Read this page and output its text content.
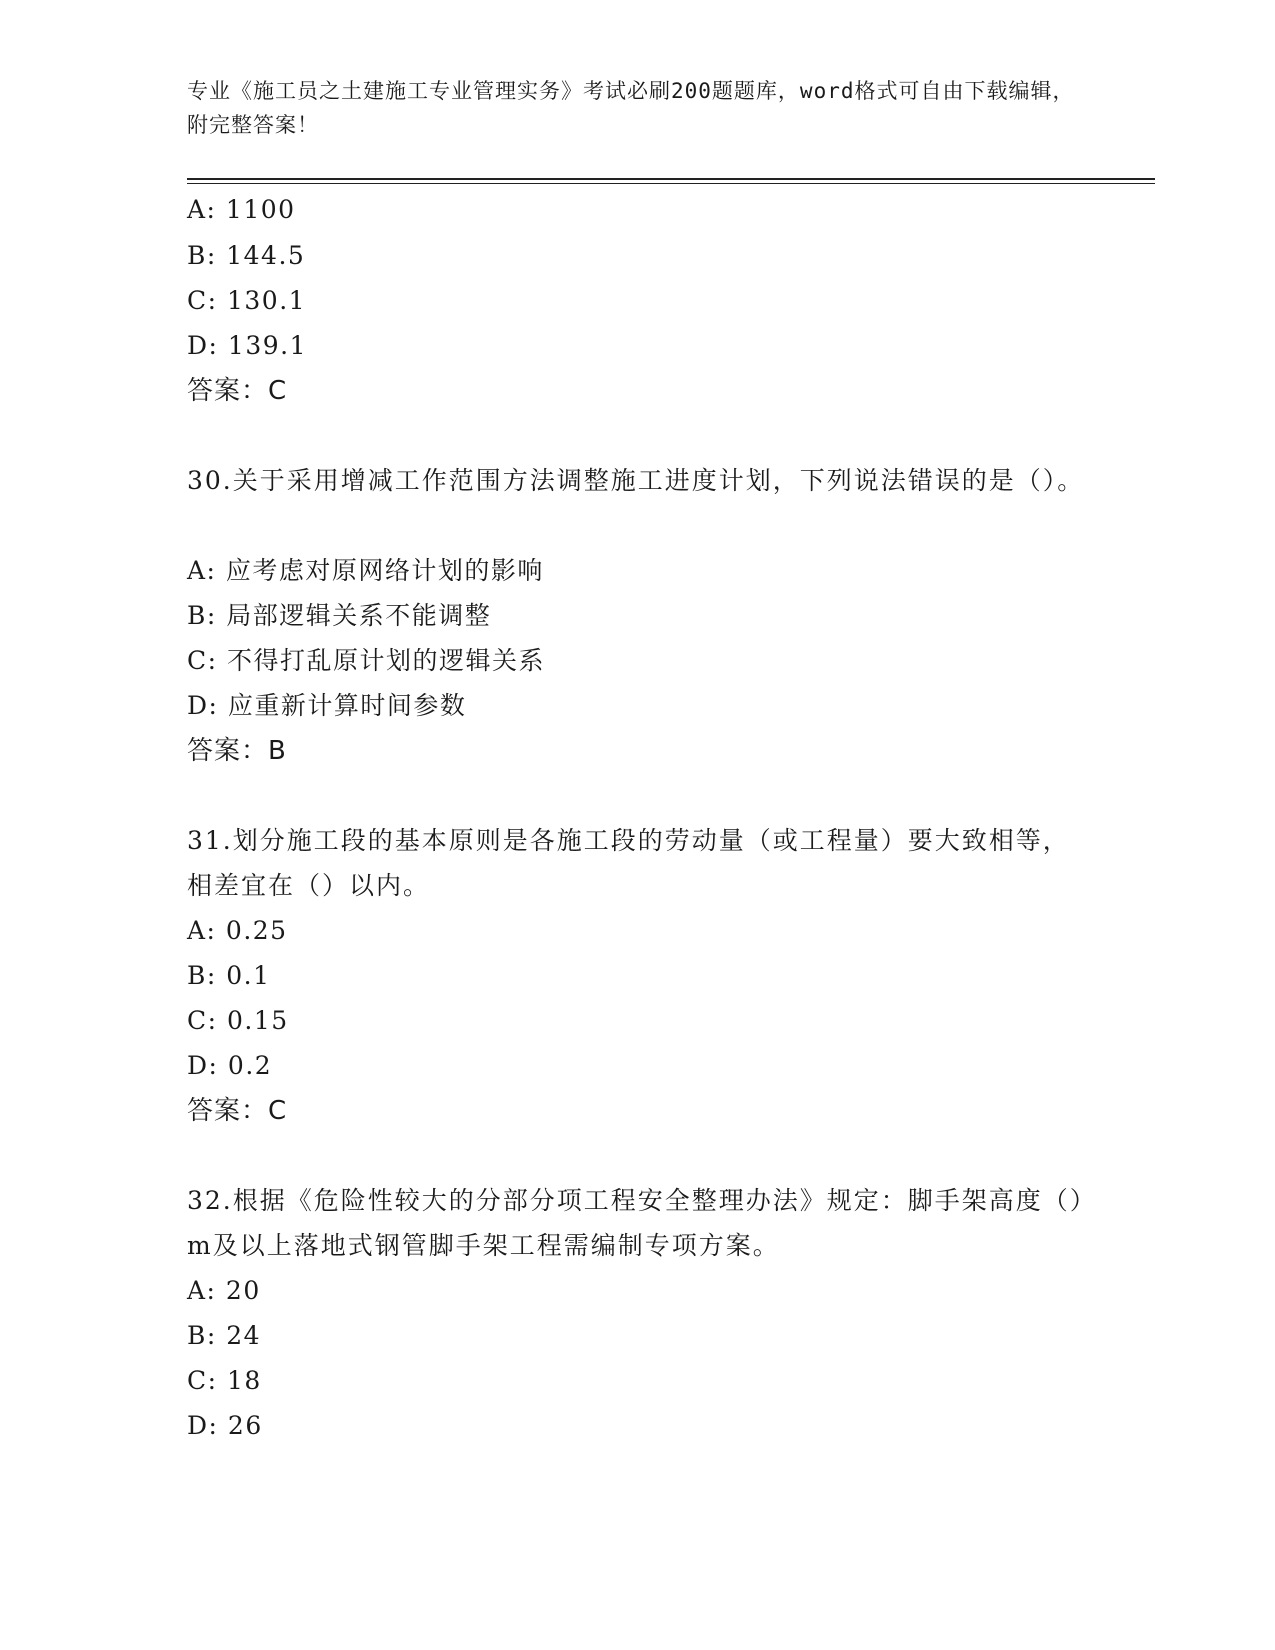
专业《施工员之土建施工专业管理实务》考试必刷200题题库，word格式可自由下载编辑，附完整答案！
A: 1100
B: 144.5
C: 130.1
D: 139.1
答案：C
30.关于采用增减工作范围方法调整施工进度计划，下列说法错误的是（）。
A: 应考虑对原网络计划的影响
B: 局部逻辑关系不能调整
C: 不得打乱原计划的逻辑关系
D: 应重新计算时间参数
答案：B
31.划分施工段的基本原则是各施工段的劳动量（或工程量）要大致相等，相差宜在（）以内。
A: 0.25
B: 0.1
C: 0.15
D: 0.2
答案：C
32.根据《危险性较大的分部分项工程安全整理办法》规定：脚手架高度（）m及以上落地式钢管脚手架工程需编制专项方案。
A: 20
B: 24
C: 18
D: 26
